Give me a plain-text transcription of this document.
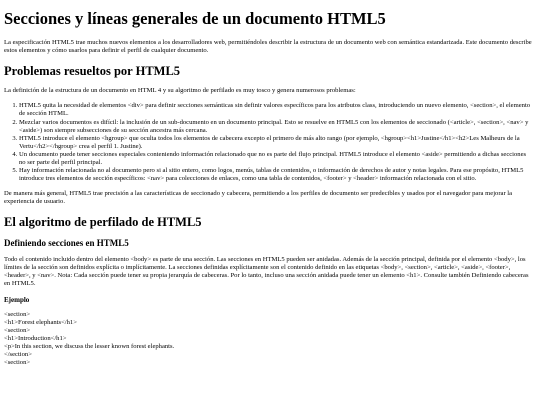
Secciones y líneas generales de un documento HTML5

La especificación HTML5 trae muchos nuevos elementos a los desarrolladores web, permitiéndoles describir la estructura de un documento web con semántica estandarizada. Este documento describe estos elementos y cómo usarlos para definir el perfil de cualquier documento.

Problemas resueltos por HTML5

La definición de la estructura de un documento en HTML 4 y su algoritmo de perfilado es muy tosco y genera numerosos problemas:

1. HTML5 quita la necesidad de elementos <div> para definir secciones semánticas sin definir valores específicos para los atributos class, introduciendo un nuevo elemento, <section>, el elemento de sección HTML.
2. Mezclar varios documentos es difícil: la inclusión de un sub-documento en un documento principal. Esto se resuelve en HTML5 con los elementos de seccionado (<article>, <section>, <nav> y <aside>) son siempre subsecciones de su sección ancestra más cercana.
3. HTML5 introduce el elemento <hgroup> que oculta todos los elementos de cabecera excepto el primero de más alto rango (por ejemplo, <hgroup><h1>Justine</h1><h2>Les Malheurs de la Vertu</h2></hgroup> crea el perfil 1. Justine).
4. Un documento puede tener secciones especiales conteniendo información relacionado que no es parte del flujo principal. HTML5 introduce el elemento <aside> permitiendo a dichas secciones no ser parte del perfil principal.
5. Hay información relacionada no al documento pero si al sitio entero, como logos, menús, tablas de contenidos, o información de derechos de autor y notas legales. Para ese propósito, HTML5 introduce tres elementos de sección específicos: <nav> para colecciones de enlaces, como una tabla de contenidos, <footer> y <header> información relacionada con el sitio.

De manera más general, HTML5 trae precisión a las características de seccionado y cabecera, permitiendo a los perfiles de documento ser predecibles y usados por el navegador para mejorar la experiencia de usuario.

El algoritmo de perfilado de HTML5
Definiendo secciones en HTML5

Todo el contenido incluido dentro del elemento <body> es parte de una sección. Las secciones en HTML5 pueden ser anidadas. Además de la sección principal, definida por el elemento <body>, los límites de la sección son definidos explícita o implícitamente. La secciones definidas explícitamente son el contenido definido en las etiquetas <body>, <section>, <article>, <aside>, <footer>, <header>, y <nav>. Nota: Cada sección puede tener su propia jerarquía de cabeceras. Por lo tanto, incluso una sección anidada puede tener un elemento <h1>. Consulte también Definiendo cabeceras en HTML5.

Ejemplo
<section>
<h1>Forest elephants</h1>
<section>
<h1>Introduction</h1>
<p>In this section, we discuss the lesser known forest elephants.
</section>
<section>
